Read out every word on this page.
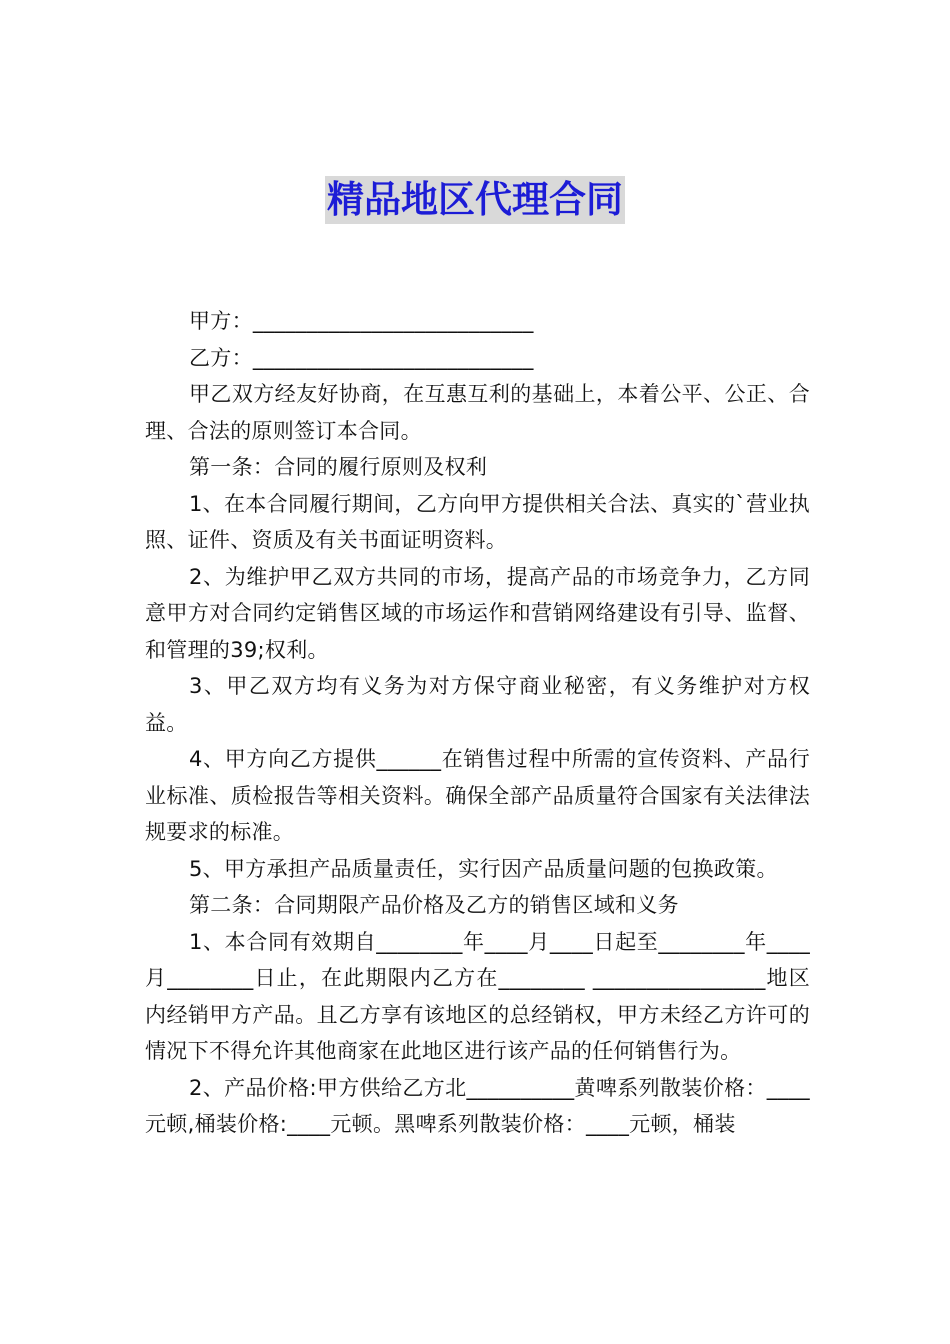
精品地区代理合同

甲方：__________________________

乙方：__________________________

甲乙双方经友好协商，在互惠互利的基础上，本着公平、公正、合理、合法的原则签订本合同。

第一条：合同的履行原则及权利

1、在本合同履行期间，乙方向甲方提供相关合法、真实的`营业执照、证件、资质及有关书面证明资料。

2、为维护甲乙双方共同的市场，提高产品的市场竞争力，乙方同意甲方对合同约定销售区域的市场运作和营销网络建设有引导、监督、和管理的39;权利。

3、甲乙双方均有义务为对方保守商业秘密，有义务维护对方权益。

4、甲方向乙方提供______在销售过程中所需的宣传资料、产品行业标准、质检报告等相关资料。确保全部产品质量符合国家有关法律法规要求的标准。

5、甲方承担产品质量责任，实行因产品质量问题的包换政策。

第二条：合同期限产品价格及乙方的销售区域和义务

1、本合同有效期自________年____月____日起至________年____月________日止，在此期限内乙方在________ ________________地区内经销甲方产品。且乙方享有该地区的总经销权，甲方未经乙方许可的情况下不得允许其他商家在此地区进行该产品的任何销售行为。

2、产品价格:甲方供给乙方北__________黄啤系列散装价格：____元顿,桶装价格:____元顿。黑啤系列散装价格：____元顿，桶装
